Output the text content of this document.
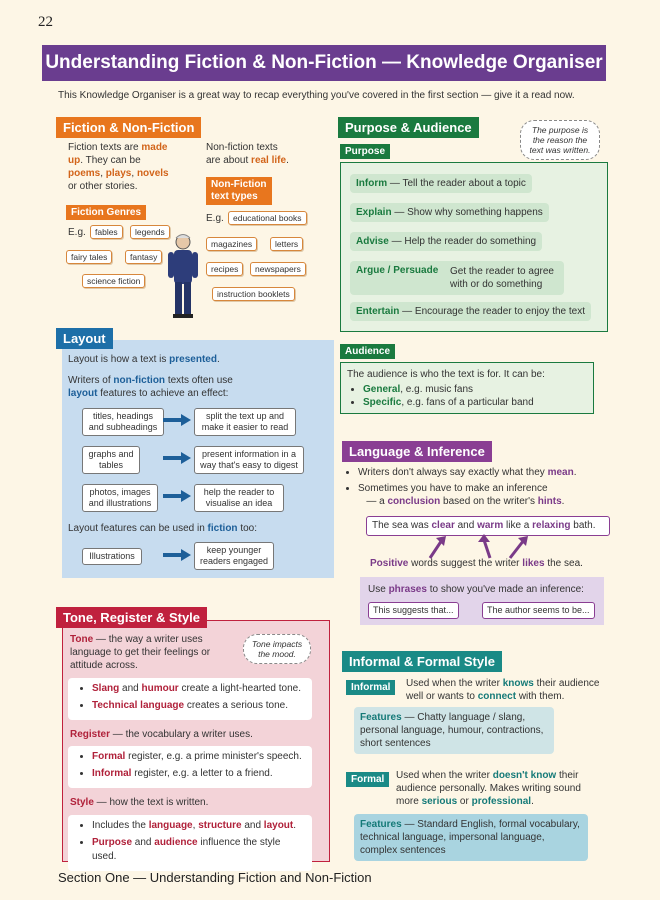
22
Understanding Fiction & Non-Fiction — Knowledge Organiser
This Knowledge Organiser is a great way to recap everything you've covered in the first section — give it a read now.
Fiction & Non-Fiction
Fiction texts are made
up. They can be
poems, plays, novels
or other stories.
Non-fiction texts
are about real life.
Fiction Genres
E.g.	fables	legends
fairy tales	fantasy
science fiction
Non-Fiction
text types
E.g.	educational books
magazines	letters
recipes	newspapers
instruction booklets
Layout
Layout is how a text is presented.
Writers of non-fiction texts often use
layout features to achieve an effect:
titles, headings and subheadings
split the text up and make it easier to read
graphs and tables
present information in a way that's easy to digest
photos, images and illustrations
help the reader to visualise an idea
Layout features can be used in fiction too:
Illustrations
keep younger readers engaged
Tone, Register & Style
Tone — the way a writer uses language to get their feelings or attitude across.
Tone impacts the mood.
• Slang and humour create a light-hearted tone.
• Technical language creates a serious tone.
Register — the vocabulary a writer uses.
• Formal register, e.g. a prime minister's speech.
• Informal register, e.g. a letter to a friend.
Style — how the text is written.
• Includes the language, structure and layout.
• Purpose and audience influence the style used.
Purpose & Audience	The purpose is the reason the text was written.
Purpose
Inform — Tell the reader about a topic
Explain — Show why something happens
Advise — Help the reader do something
Argue / Persuade Get the reader to agree with or do something
Entertain — Encourage the reader to enjoy the text
Audience
The audience is who the text is for. It can be:
• General, e.g. music fans
• Specific, e.g. fans of a particular band
Language & Inference
• Writers don't always say exactly what they mean.
• Sometimes you have to make an inference
— a conclusion based on the writer's hints.
The sea was clear and warm like a relaxing bath.
Positive words suggest the writer likes the sea.
Use phrases to show you've made an inference:
This suggests that...	The author seems to be...
Informal & Formal Style
Informal	Used when the writer knows their audience well or wants to connect with them.
Features — Chatty language / slang, personal language, humour, contractions, short sentences
Formal	Used when the writer doesn't know their audience personally. Makes writing sound more serious or professional.
Features — Standard English, formal vocabulary, technical language, impersonal language, complex sentences
Section One — Understanding Fiction and Non-Fiction
